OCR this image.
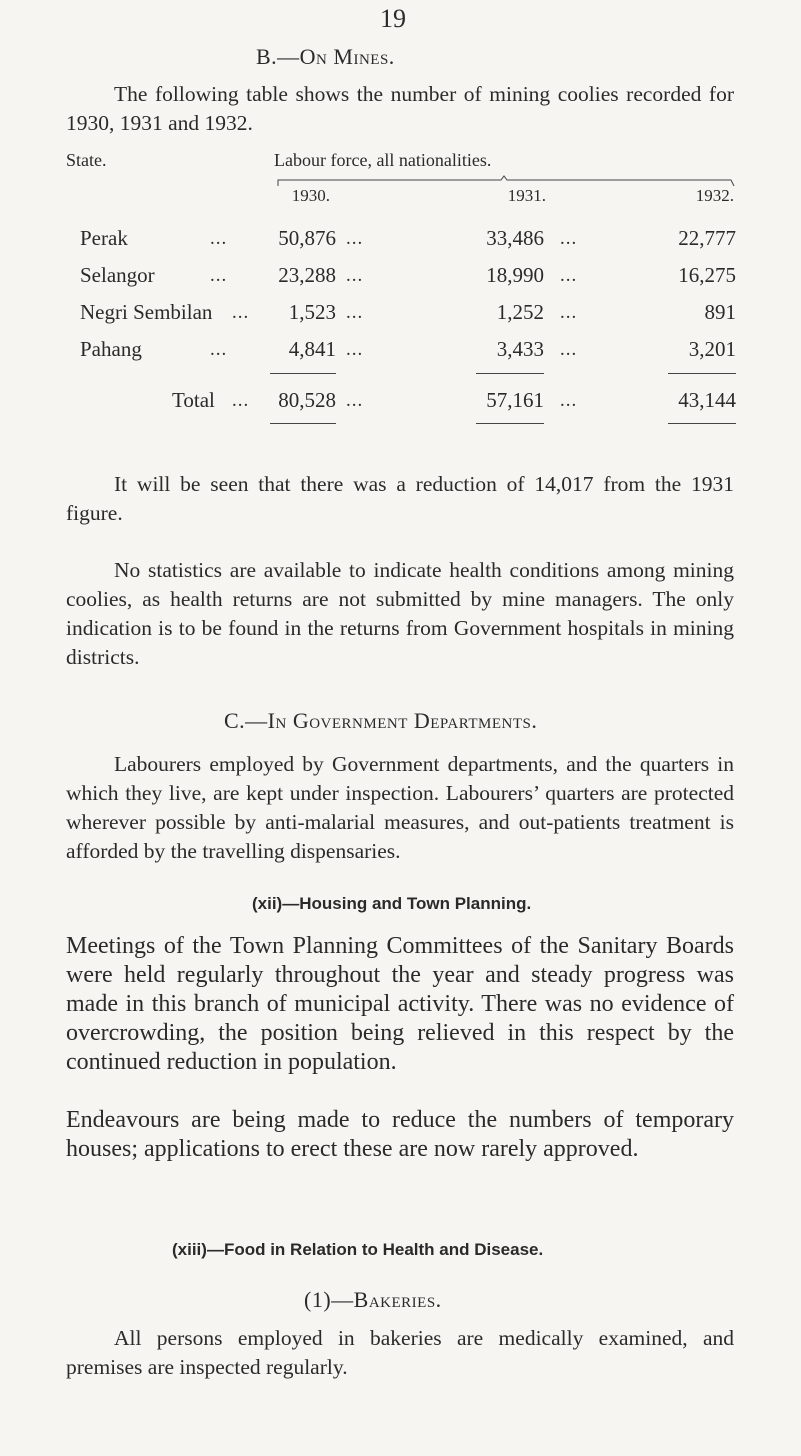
19
B.—On Mines.
The following table shows the number of mining coolies recorded for 1930, 1931 and 1932.
State.	Labour force, all nationalities.
1930.	1931.	1932.
Perak	...	50,876 ...	33,486 ...	22,777
Selangor	...	23,288 ...	18,990 ...	16,275
Negri Sembilan ...	1,523 ...	1,252 ...	891
Pahang	...	4,841 ...	3,433 ...	3,201
Total ...	80,528 ...	57,161 ...	43,144
It will be seen that there was a reduction of 14,017 from the 1931 figure.
No statistics are available to indicate health conditions among mining coolies, as health returns are not submitted by mine managers. The only indication is to be found in the returns from Government hospitals in mining districts.
C.—In Government Departments.
Labourers employed by Government departments, and the quarters in which they live, are kept under inspection. Labourers’ quarters are protected wherever possible by anti-malarial measures, and out-patients treatment is afforded by the travelling dispensaries.
(xii)—Housing and Town Planning.
Meetings of the Town Planning Committees of the Sanitary Boards were held regularly throughout the year and steady progress was made in this branch of municipal activity. There was no evidence of overcrowding, the position being relieved in this respect by the continued reduction in population.
Endeavours are being made to reduce the numbers of temporary houses; applications to erect these are now rarely approved.
(xiii)—Food in Relation to Health and Disease.
(1)—Bakeries.
All persons employed in bakeries are medically examined, and premises are inspected regularly.
